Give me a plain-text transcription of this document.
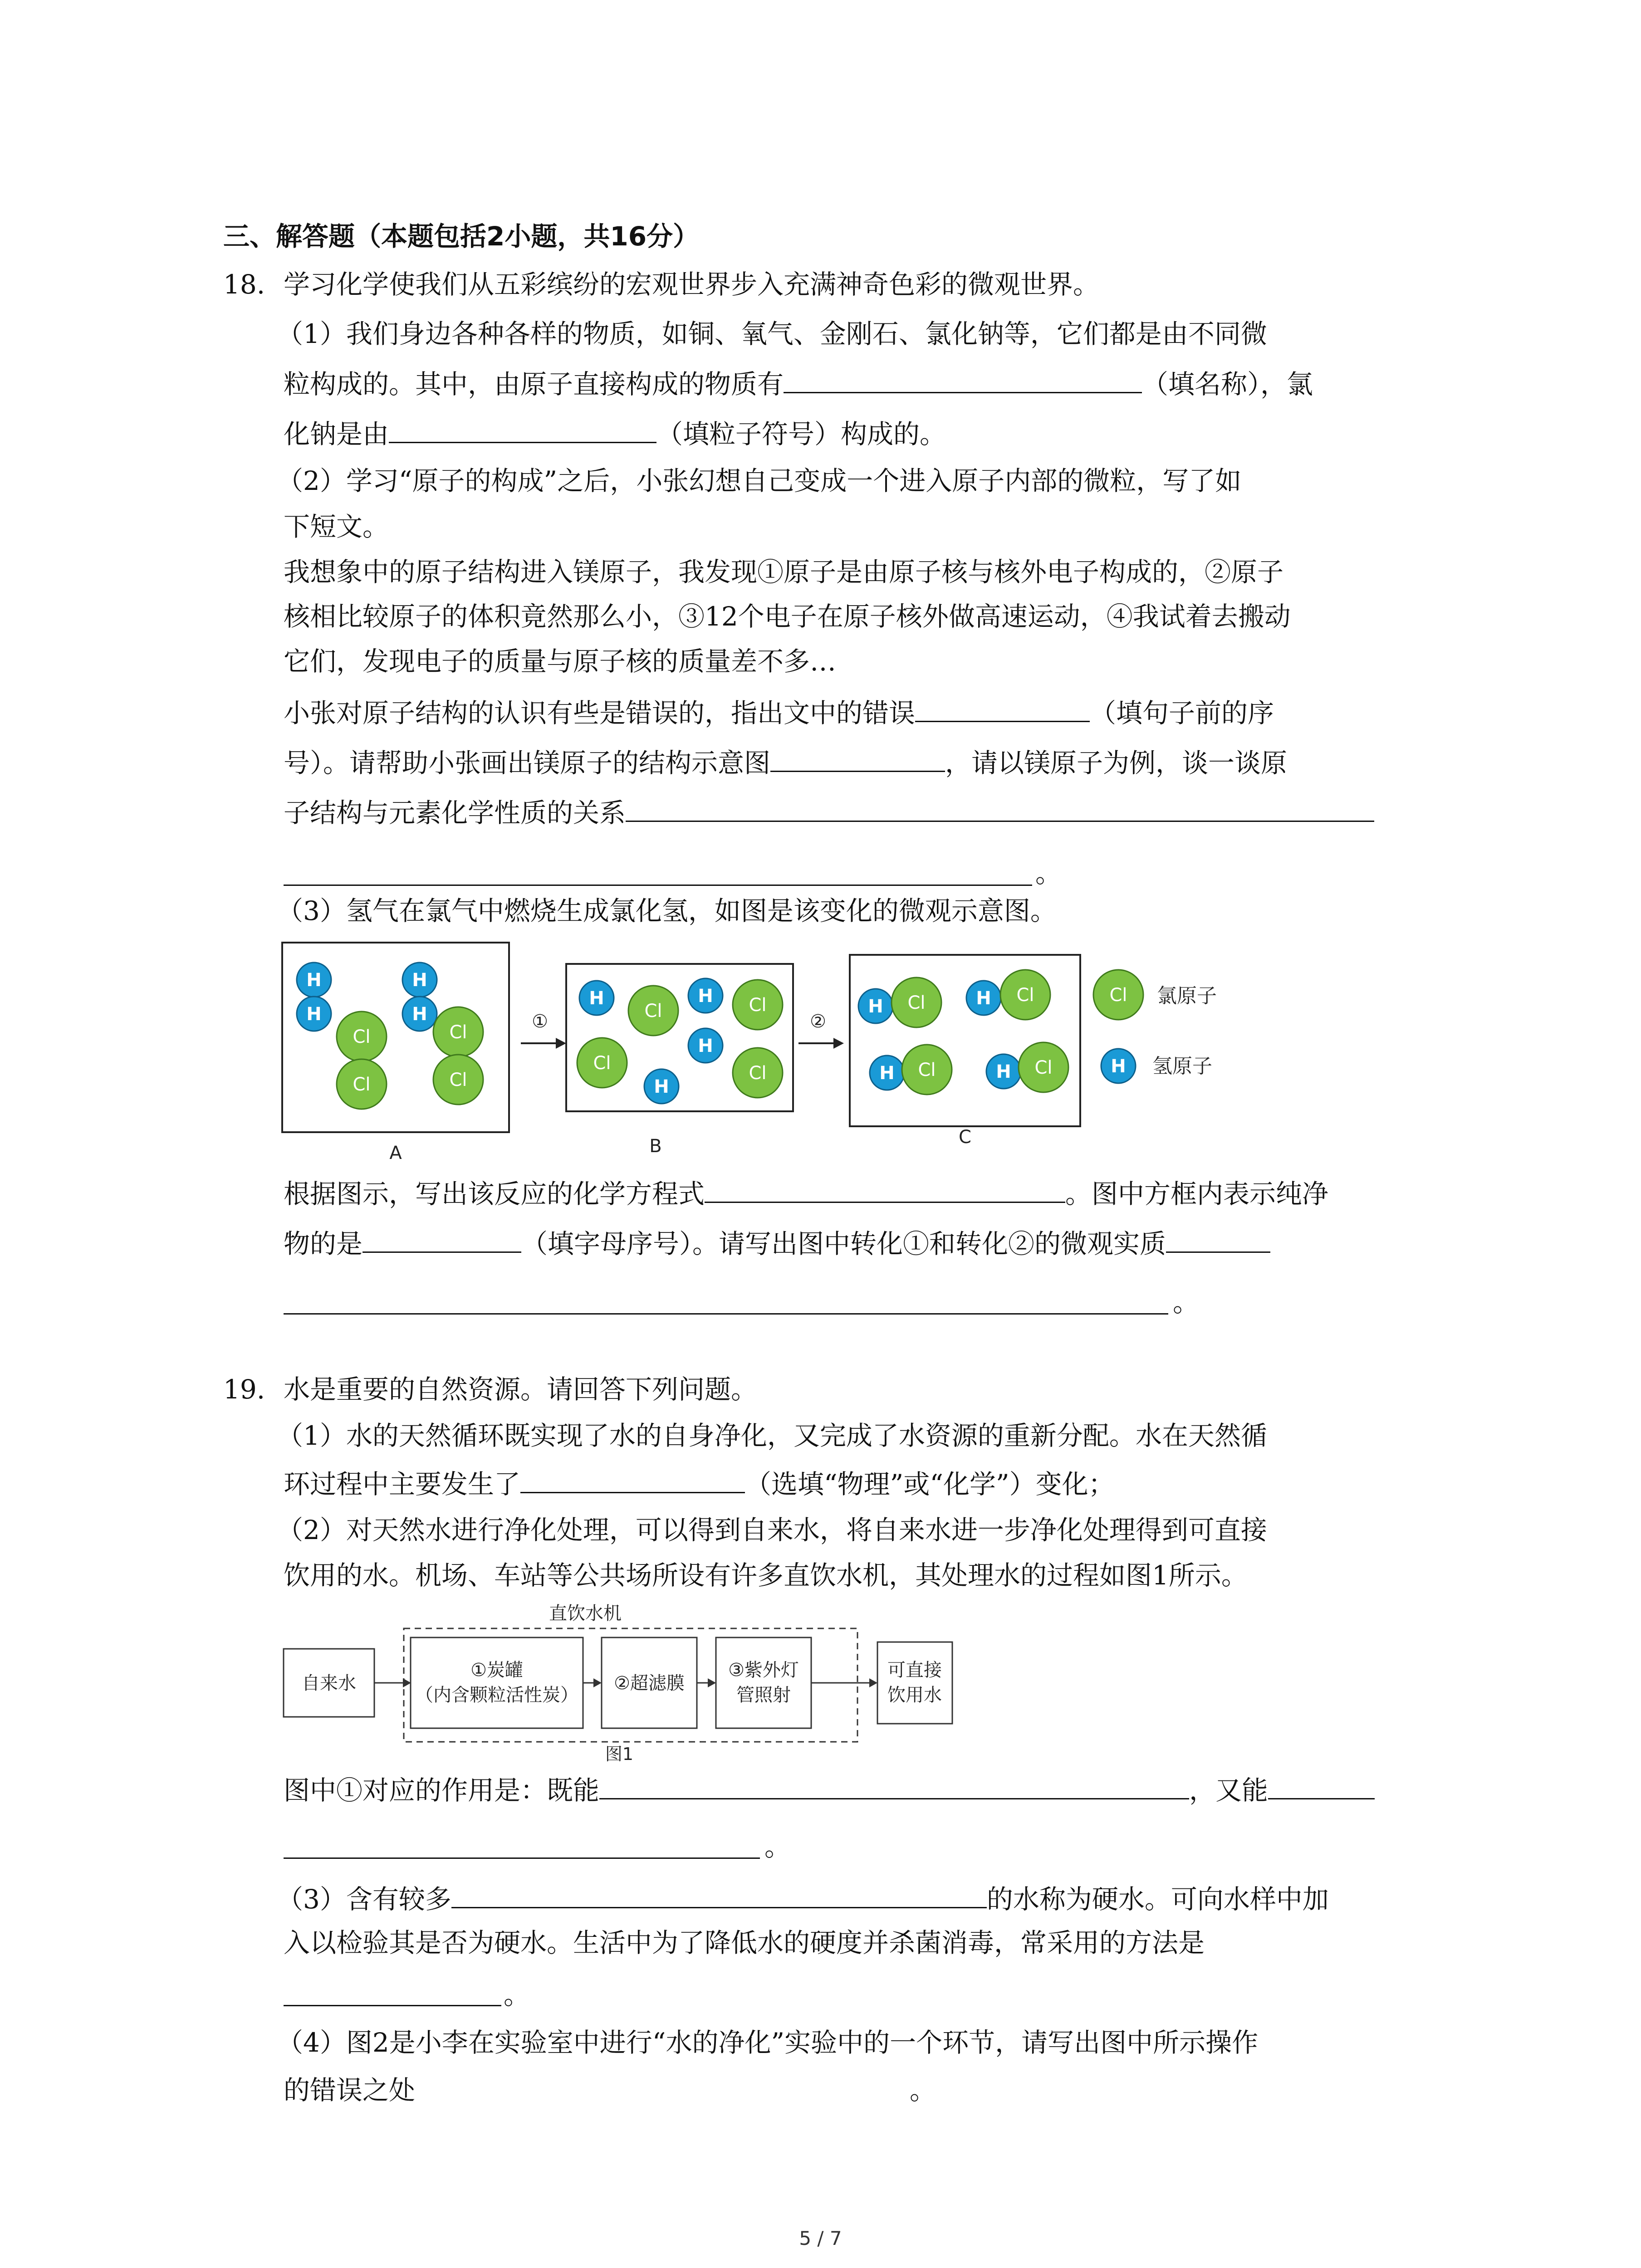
三、解答题（本题包括2小题，共16分）
18. 学习化学使我们从五彩缤纷的宏观世界步入充满神奇色彩的微观世界。
（1）我们身边各种各样的物质，如铜、氧气、金刚石、氯化钠等，它们都是由不同微
粒构成的。其中，由原子直接构成的物质有	（填名称），氯
化钠是由	（填粒子符号）构成的。
（2）学习“原子的构成”之后，小张幻想自己变成一个进入原子内部的微粒，写了如
下短文。
我想象中的原子结构进入镁原子，我发现①原子是由原子核与核外电子构成的，②原子
核相比较原子的体积竟然那么小，③12个电子在原子核外做高速运动，④我试着去搬动
它们，发现电子的质量与原子核的质量差不多…
小张对原子结构的认识有些是错误的，指出文中的错误	（填句子前的序
号）。请帮助小张画出镁原子的结构示意图	，请以镁原子为例，谈一谈原
子结构与元素化学性质的关系
。
（3）氢气在氯气中燃烧生成氯化氢，如图是该变化的微观示意图。
H
H
H
H
Cl
Cl
Cl
Cl
A
①
H	H
H
H
Cl	Cl
Cl	Cl
B
②
H Cl	H Cl
H Cl	H Cl
C
Cl 氯原子
H 氢原子
根据图示，写出该反应的化学方程式	。图中方框内表示纯净
物的是	（填字母序号）。请写出图中转化①和转化②的微观实质
。
19. 水是重要的自然资源。请回答下列问题。
（1）水的天然循环既实现了水的自身净化，又完成了水资源的重新分配。水在天然循
环过程中主要发生了	（选填“物理”或“化学”）变化；
（2）对天然水进行净化处理，可以得到自来水，将自来水进一步净化处理得到可直接
饮用的水。机场、车站等公共场所设有许多直饮水机，其处理水的过程如图1所示。
直饮水机
自来水
①炭罐
（内含颗粒活性炭）
②超滤膜
③紫外灯
管照射
可直接
饮用水
图1
图中①对应的作用是：既能	，又能
。
（3）含有较多	的水称为硬水。可向水样中加
入以检验其是否为硬水。生活中为了降低水的硬度并杀菌消毒，常采用的方法是
。
（4）图2是小李在实验室中进行“水的净化”实验中的一个环节，请写出图中所示操作
的错误之处	。
5 / 7
